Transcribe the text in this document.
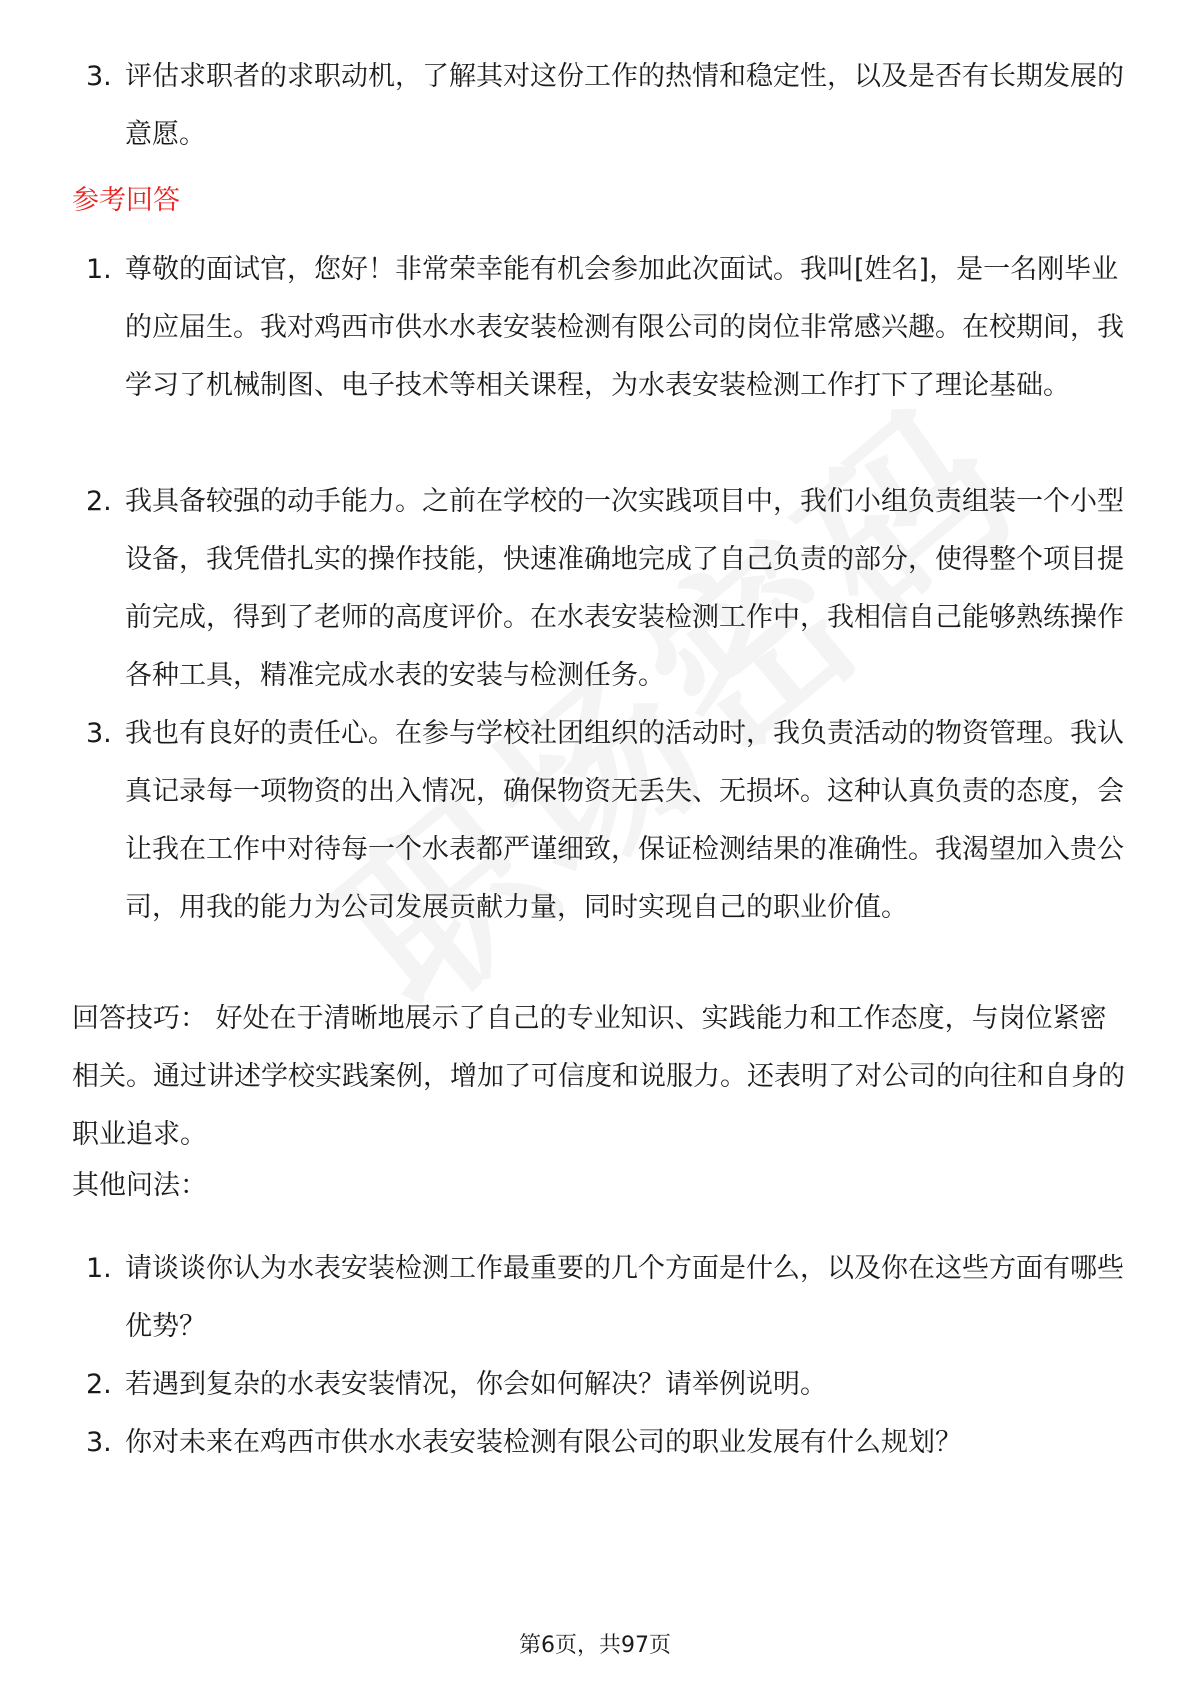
3. 评估求职者的求职动机，了解其对这份工作的热情和稳定性，以及是否有长期发展的意愿。
参考回答
1. 尊敬的面试官，您好！非常荣幸能有机会参加此次面试。我叫[姓名]，是一名刚毕业的应届生。我对鸡西市供水水表安装检测有限公司的岗位非常感兴趣。在校期间，我学习了机械制图、电子技术等相关课程，为水表安装检测工作打下了理论基础。
2. 我具备较强的动手能力。之前在学校的一次实践项目中，我们小组负责组装一个小型设备，我凭借扎实的操作技能，快速准确地完成了自己负责的部分，使得整个项目提前完成，得到了老师的高度评价。在水表安装检测工作中，我相信自己能够熟练操作各种工具，精准完成水表的安装与检测任务。
3. 我也有良好的责任心。在参与学校社团组织的活动时，我负责活动的物资管理。我认真记录每一项物资的出入情况，确保物资无丢失、无损坏。这种认真负责的态度，会让我在工作中对待每一个水表都严谨细致，保证检测结果的准确性。我渴望加入贵公司，用我的能力为公司发展贡献力量，同时实现自己的职业价值。
回答技巧： 好处在于清晰地展示了自己的专业知识、实践能力和工作态度，与岗位紧密相关。通过讲述学校实践案例，增加了可信度和说服力。还表明了对公司的向往和自身的职业追求。
其他问法：
1. 请谈谈你认为水表安装检测工作最重要的几个方面是什么，以及你在这些方面有哪些优势？
2. 若遇到复杂的水表安装情况，你会如何解决？请举例说明。
3. 你对未来在鸡西市供水水表安装检测有限公司的职业发展有什么规划？
第6页，共97页
